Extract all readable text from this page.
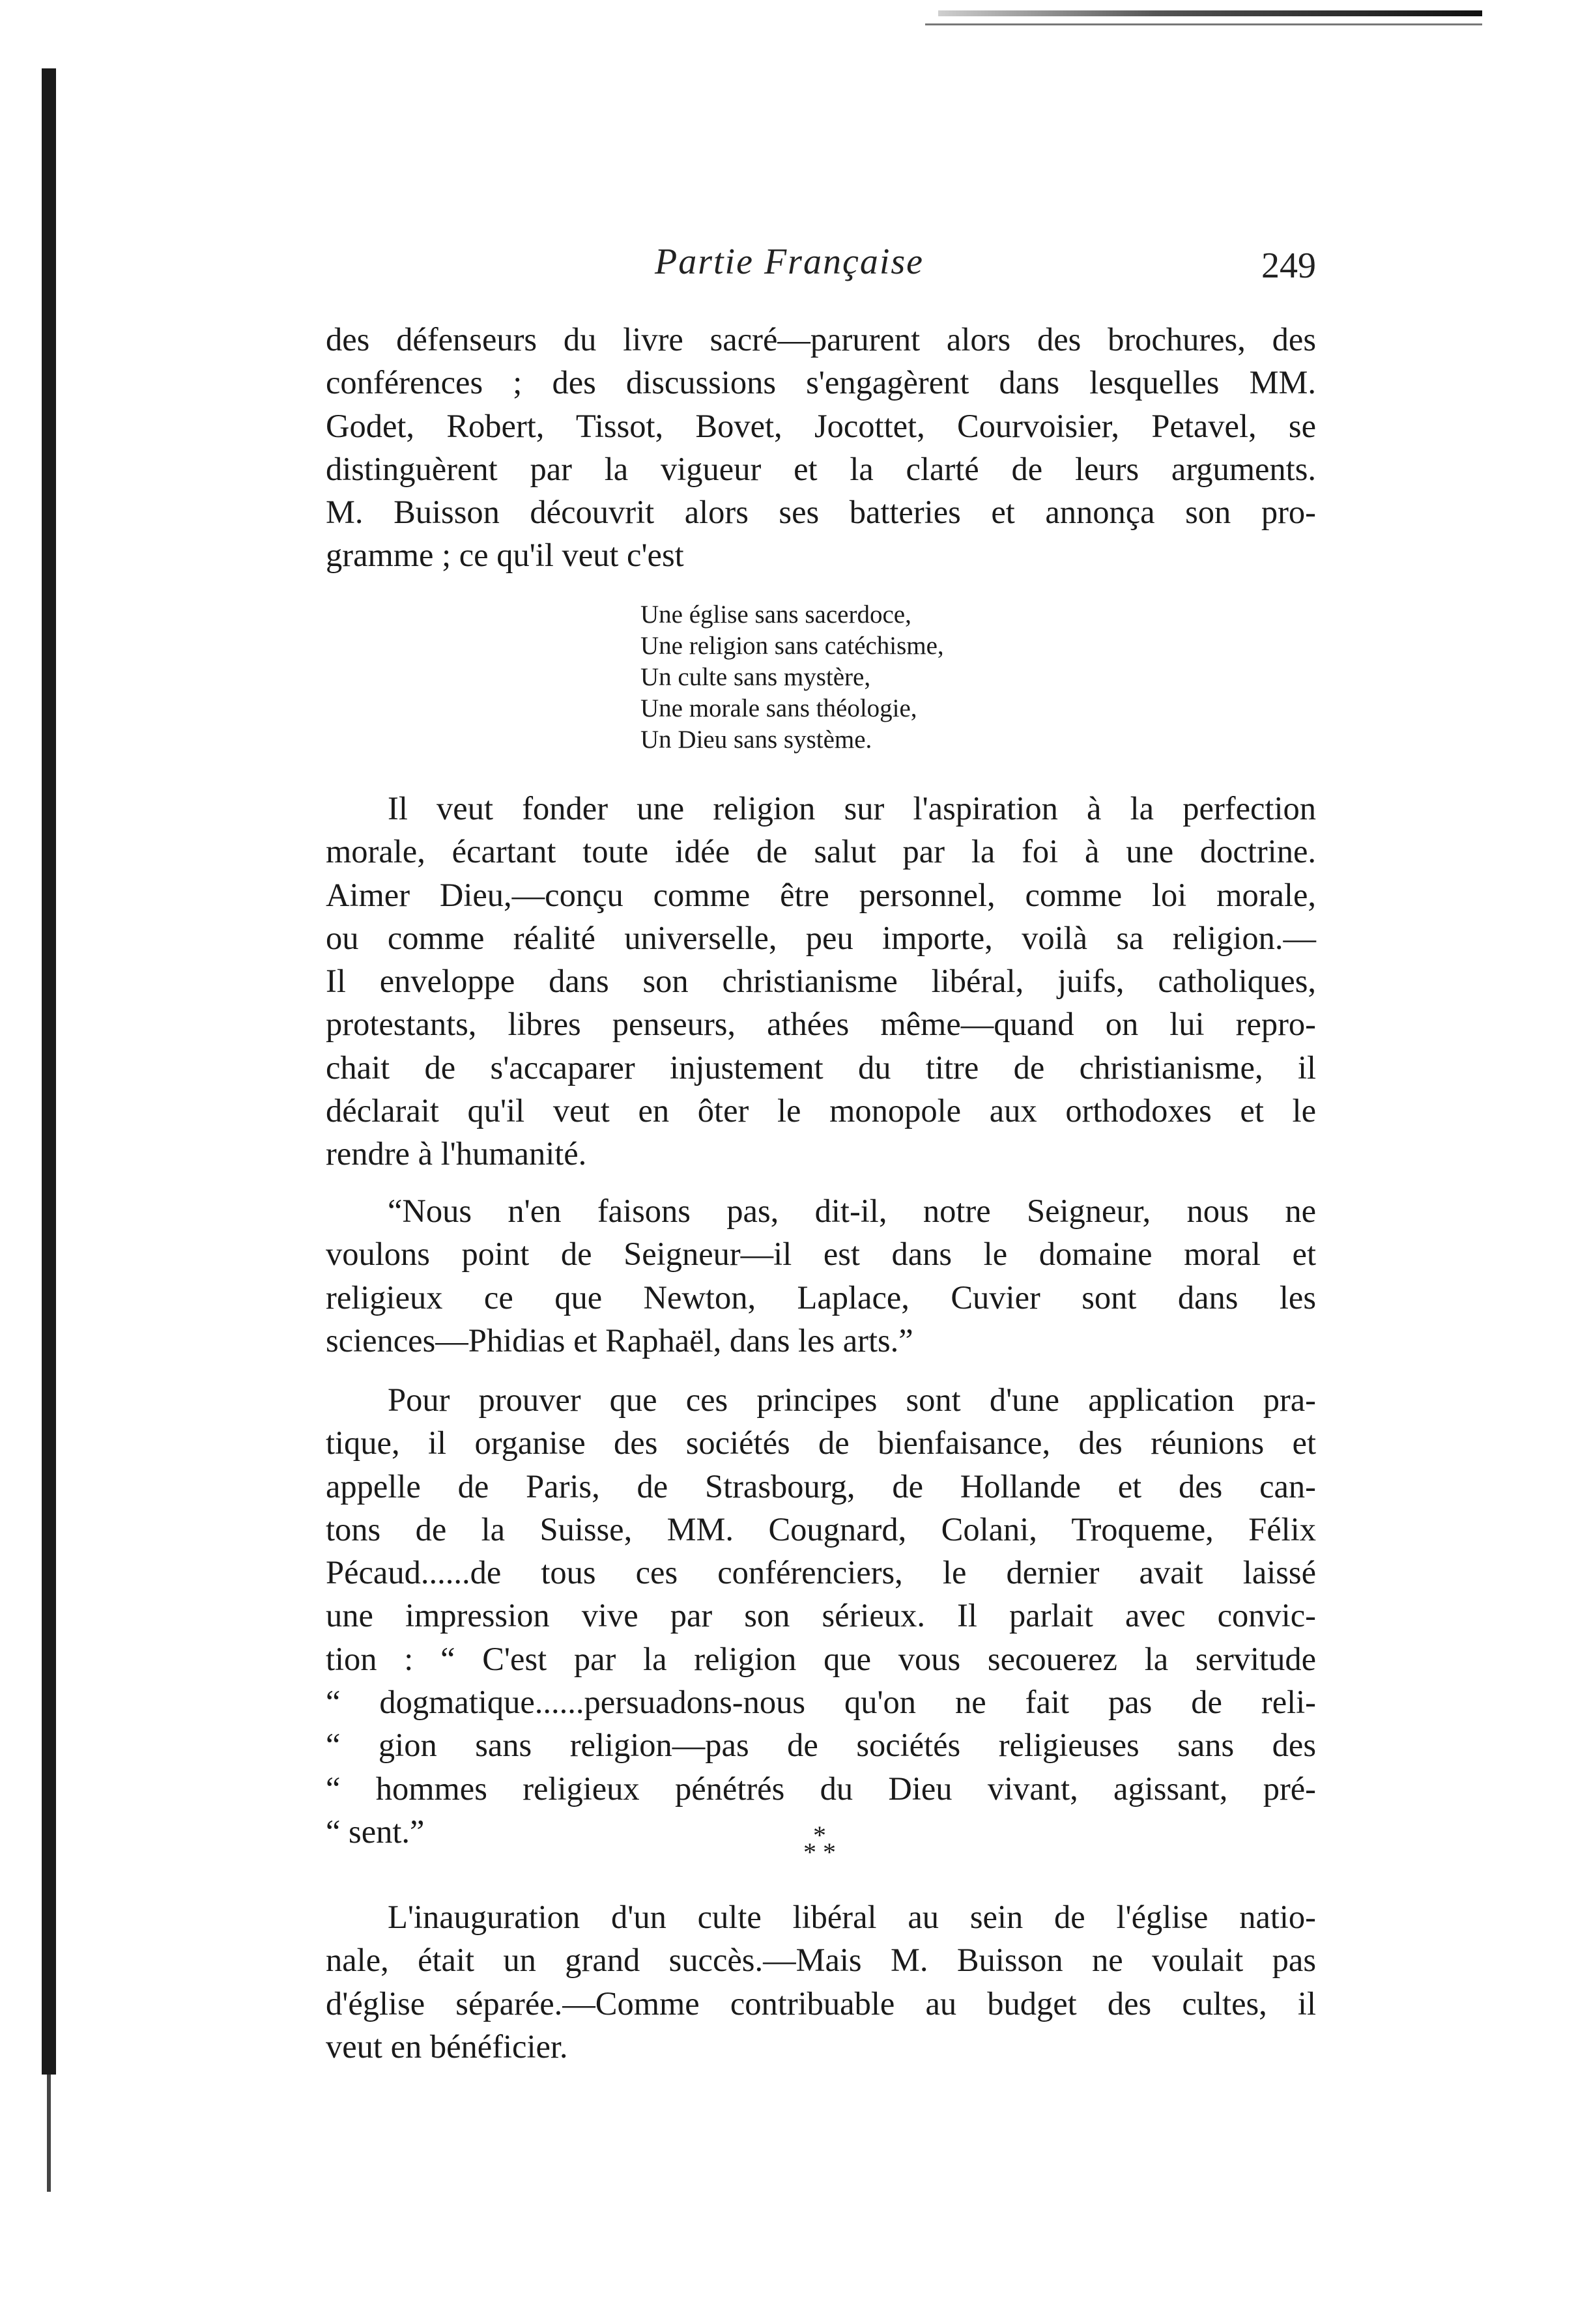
Partie Française	249
des défenseurs du livre sacré—parurent alors des brochures, des
conférences ; des discussions s'engagèrent dans lesquelles MM.
Godet, Robert, Tissot, Bovet, Jocottet, Courvoisier, Petavel, se
distinguèrent par la vigueur et la clarté de leurs arguments.
M. Buisson découvrit alors ses batteries et annonça son pro-
gramme ; ce qu'il veut c'est
Une église sans sacerdoce,
Une religion sans catéchisme,
Un culte sans mystère,
Une morale sans théologie,
Un Dieu sans système.
Il veut fonder une religion sur l'aspiration à la perfection
morale, écartant toute idée de salut par la foi à une doctrine.
Aimer Dieu,—conçu comme être personnel, comme loi morale,
ou comme réalité universelle, peu importe, voilà sa religion.—
Il enveloppe dans son christianisme libéral, juifs, catholiques,
protestants, libres penseurs, athées même—quand on lui repro-
chait de s'accaparer injustement du titre de christianisme, il
déclarait qu'il veut en ôter le monopole aux orthodoxes et le
rendre à l'humanité.
“Nous n'en faisons pas, dit-il, notre Seigneur, nous ne
voulons point de Seigneur—il est dans le domaine moral et
religieux ce que Newton, Laplace, Cuvier sont dans les
sciences—Phidias et Raphaël, dans les arts.”
Pour prouver que ces principes sont d'une application pra-
tique, il organise des sociétés de bienfaisance, des réunions et
appelle de Paris, de Strasbourg, de Hollande et des can-
tons de la Suisse, MM. Cougnard, Colani, Troqueme, Félix
Pécaud......de tous ces conférenciers, le dernier avait laissé
une impression vive par son sérieux. Il parlait avec convic-
tion : “ C'est par la religion que vous secouerez la servitude
“ dogmatique......persuadons-nous qu'on ne fait pas de reli-
“ gion sans religion—pas de sociétés religieuses sans des
“ hommes religieux pénétrés du Dieu vivant, agissant, pré-
“ sent.”	*
* *
L'inauguration d'un culte libéral au sein de l'église natio-
nale, était un grand succès.—Mais M. Buisson ne voulait pas
d'église séparée.—Comme contribuable au budget des cultes, il
veut en bénéficier.
